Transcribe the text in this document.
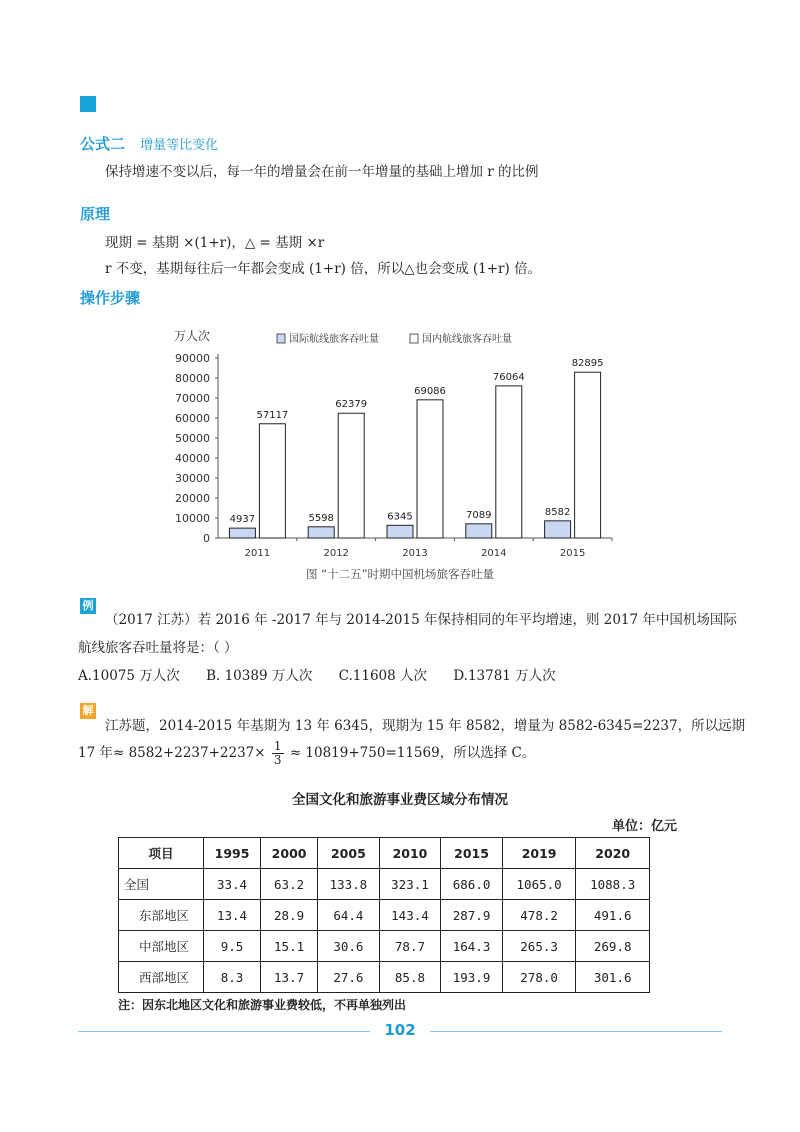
公式二 增量等比变化
保持增速不变以后，每一年的增量会在前一年增量的基础上增加 r 的比例
原理
现期 = 基期 ×(1+r)，△ = 基期 ×r
r 不变，基期每往后一年都会变成 (1+r) 倍，所以△也会变成 (1+r) 倍。
操作步骤
万人次	国际航线旅客吞吐量	国内航线旅客吞吐量
0
10000
20000
30000
40000
50000
60000
70000
80000
90000
2011	2012	2013	2014	2015
4937
57117
5598
62379
6345
69086
7089
76064
8582
82895
图 “十二五”时期中国机场旅客吞吐量
例
（2017 江苏）若 2016 年 -2017 年与 2014-2015 年保持相同的年平均增速，则 2017 年中国机场国际
航线旅客吞吐量将是：（ ）
A.10075 万人次 B. 10389 万人次 C.11608 人次 D.13781 万人次
解
江苏题，2014-2015 年基期为 13 年 6345，现期为 15 年 8582，增量为 8582-6345=2237，所以远期
17 年≈ $8582+2237+2237\times \frac{1}{3} \approx 10819+750=11569$，所以选择 C。
全国文化和旅游事业费区域分布情况
单位：亿元
项目	1995	2000	2005	2010	2015	2019	2020
全国	33.4	63.2	133.8	323.1	686.0	1065.0	1088.3
东部地区	13.4	28.9	64.4	143.4	287.9	478.2	491.6
中部地区	9.5	15.1	30.6	78.7	164.3	265.3	269.8
西部地区	8.3	13.7	27.6	85.8	193.9	278.0	301.6
注：因东北地区文化和旅游事业费较低，不再单独列出
102
